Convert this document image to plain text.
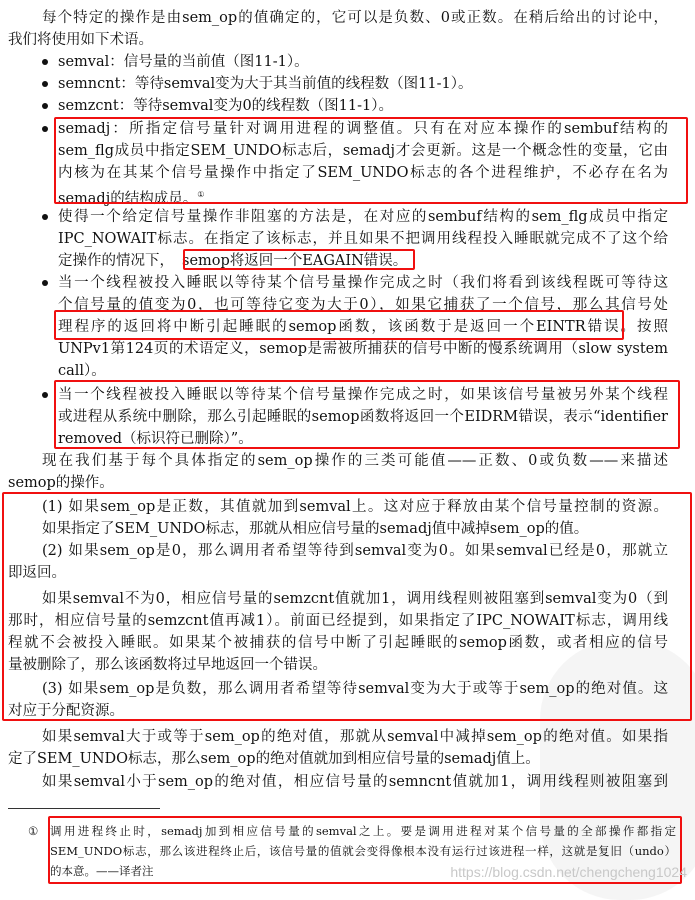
每个特定的操作是由sem_op的值确定的，它可以是负数、0或正数。在稍后给出的讨论中，
我们将使用如下术语。
semval：信号量的当前值（图11-1）。
semncnt：等待semval变为大于其当前值的线程数（图11-1）。
semzcnt：等待semval变为0的线程数（图11-1）。
semadj：所指定信号量针对调用进程的调整值。只有在对应本操作的sembuf结构的
sem_flg成员中指定SEM_UNDO标志后，semadj才会更新。这是一个概念性的变量，它由
内核为在其某个信号量操作中指定了SEM_UNDO标志的各个进程维护，不必存在名为
semadj的结构成员。①
使得一个给定信号量操作非阻塞的方法是，在对应的sembuf结构的sem_flg成员中指定
IPC_NOWAIT标志。在指定了该标志，并且如果不把调用线程投入睡眠就完成不了这个给
定操作的情况下， semop将返回一个EAGAIN错误。
当一个线程被投入睡眠以等待某个信号量操作完成之时（我们将看到该线程既可等待这
个信号量的值变为0，也可等待它变为大于0），如果它捕获了一个信号，那么其信号处
理程序的返回将中断引起睡眠的semop函数，该函数于是返回一个EINTR错误。按照
UNPv1第124页的术语定义，semop是需被所捕获的信号中断的慢系统调用（slow system
call）。
当一个线程被投入睡眠以等待某个信号量操作完成之时，如果该信号量被另外某个线程
或进程从系统中删除，那么引起睡眠的semop函数将返回一个EIDRM错误，表示“identifier
removed（标识符已删除）”。
现在我们基于每个具体指定的sem_op操作的三类可能值——正数、0或负数——来描述
semop的操作。
(1) 如果sem_op是正数，其值就加到semval上。这对应于释放由某个信号量控制的资源。
如果指定了SEM_UNDO标志，那就从相应信号量的semadj值中减掉sem_op的值。
(2) 如果sem_op是0，那么调用者希望等待到semval变为0。如果semval已经是0，那就立
即返回。
如果semval不为0，相应信号量的semzcnt值就加1，调用线程则被阻塞到semval变为0（到
那时，相应信号量的semzcnt值再减1）。前面已经提到，如果指定了IPC_NOWAIT标志，调用线
程就不会被投入睡眠。如果某个被捕获的信号中断了引起睡眠的semop函数，或者相应的信号
量被删除了，那么该函数将过早地返回一个错误。
(3) 如果sem_op是负数，那么调用者希望等待semval变为大于或等于sem_op的绝对值。这
对应于分配资源。
如果semval大于或等于sem_op的绝对值，那就从semval中减掉sem_op的绝对值。如果指
定了SEM_UNDO标志，那么sem_op的绝对值就加到相应信号量的semadj值上。
如果semval小于sem_op的绝对值，相应信号量的semncnt值就加1，调用线程则被阻塞到
① 调用进程终止时，semadj加到相应信号量的semval之上。要是调用进程对某个信号量的全部操作都指定
SEM_UNDO标志，那么该进程终止后，该信号量的值就会变得像根本没有运行过该进程一样，这就是复旧（undo）
的本意。——译者注	https://blog.csdn.net/chengcheng1024
